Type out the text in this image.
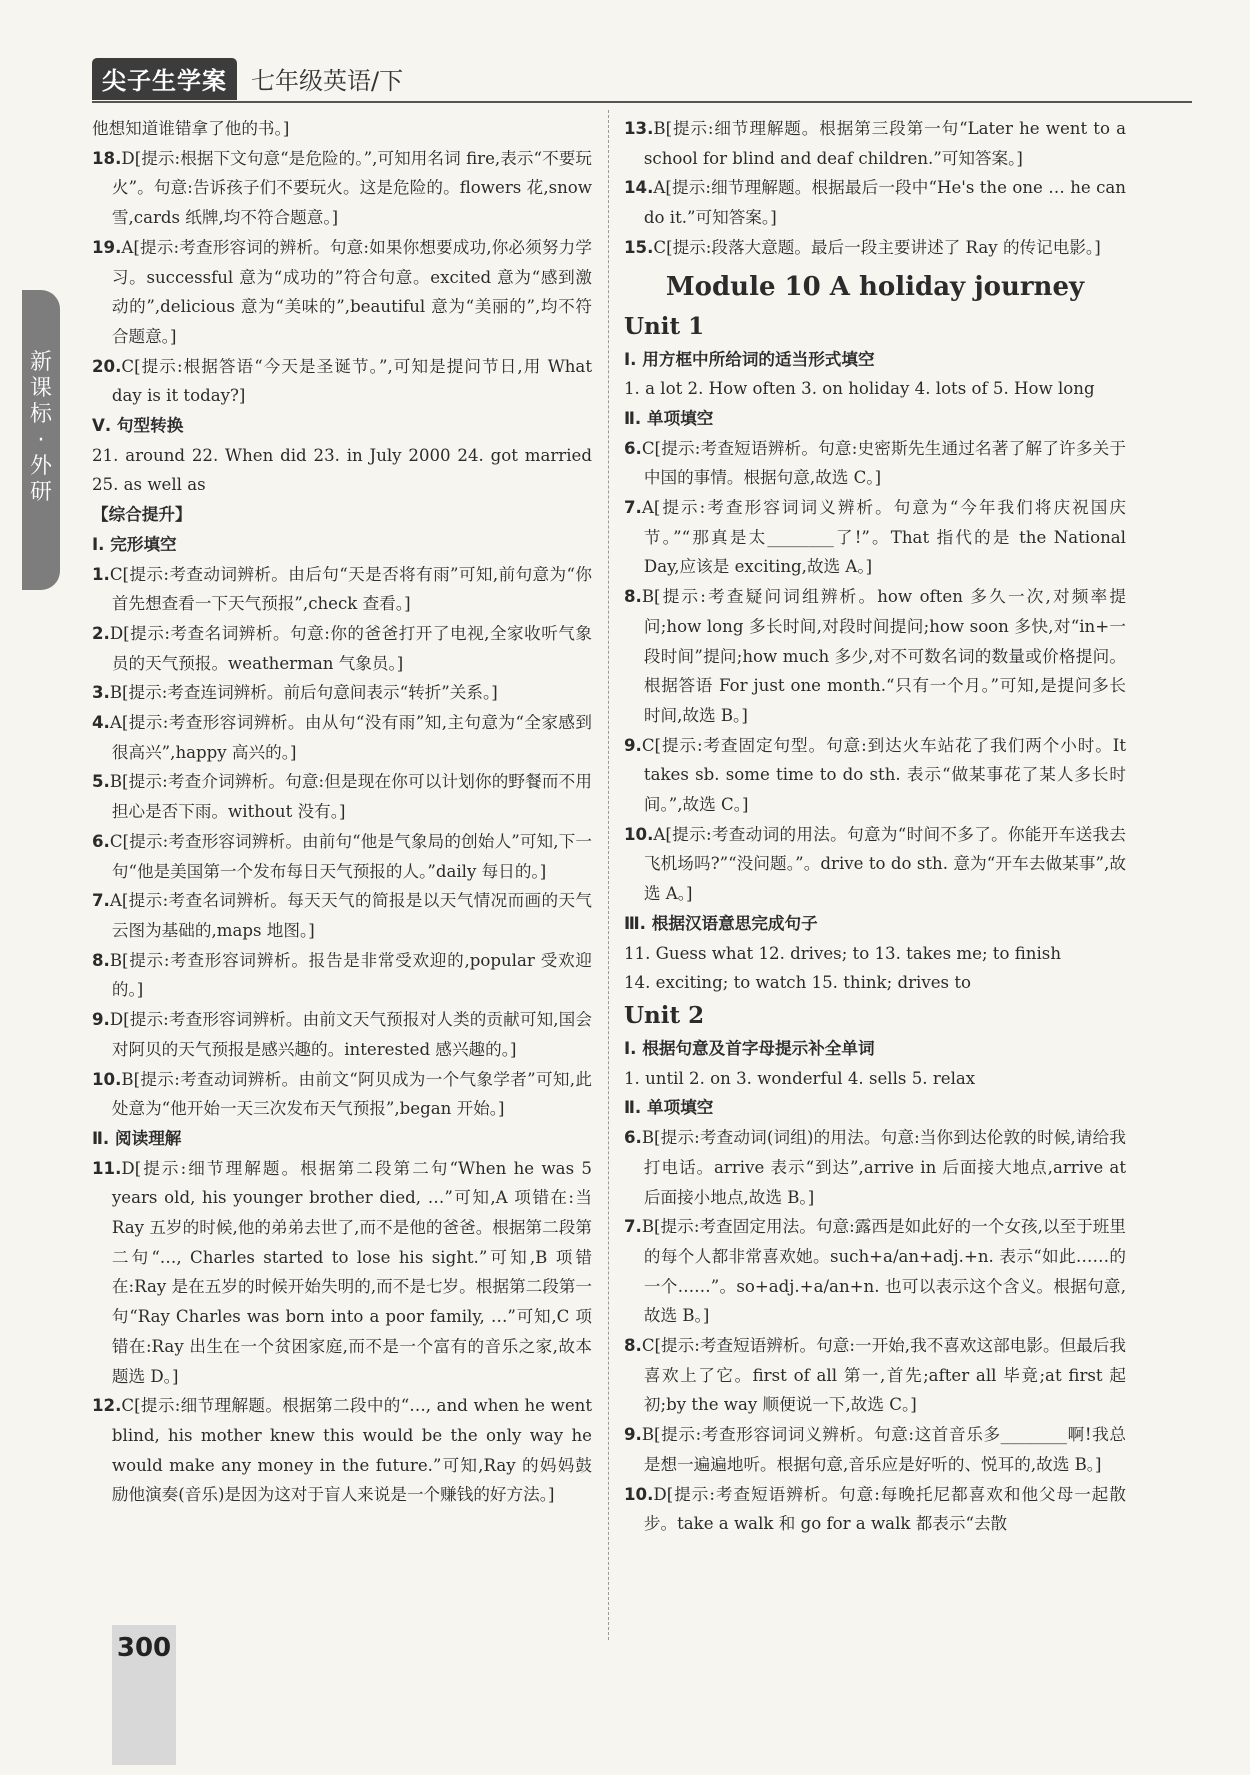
尖子生学案	七年级英语/下
新
课
标
·
外
研

他想知道谁错拿了他的书。]

18.D[提示:根据下文句意“是危险的。”,可知用名词 fire,表示“不要玩火”。句意:告诉孩子们不要玩火。这是危险的。flowers 花,snow 雪,cards 纸牌,均不符合题意。]

19.A[提示:考查形容词的辨析。句意:如果你想要成功,你必须努力学习。successful 意为“成功的”符合句意。excited 意为“感到激动的”,delicious 意为“美味的”,beautiful 意为“美丽的”,均不符合题意。]

20.C[提示:根据答语“今天是圣诞节。”,可知是提问节日,用 What day is it today?]

Ⅴ. 句型转换

21. around 22. When did 23. in July 2000 24. got married 25. as well as

【综合提升】

Ⅰ. 完形填空

1.C[提示:考查动词辨析。由后句“天是否将有雨”可知,前句意为“你首先想查看一下天气预报”,check 查看。]

2.D[提示:考查名词辨析。句意:你的爸爸打开了电视,全家收听气象员的天气预报。weatherman 气象员。]

3.B[提示:考查连词辨析。前后句意间表示“转折”关系。]

4.A[提示:考查形容词辨析。由从句“没有雨”知,主句意为“全家感到很高兴”,happy 高兴的。]

5.B[提示:考查介词辨析。句意:但是现在你可以计划你的野餐而不用担心是否下雨。without 没有。]

6.C[提示:考查形容词辨析。由前句“他是气象局的创始人”可知,下一句“他是美国第一个发布每日天气预报的人。”daily 每日的。]

7.A[提示:考查名词辨析。每天天气的简报是以天气情况而画的天气云图为基础的,maps 地图。]

8.B[提示:考查形容词辨析。报告是非常受欢迎的,popular 受欢迎的。]

9.D[提示:考查形容词辨析。由前文天气预报对人类的贡献可知,国会对阿贝的天气预报是感兴趣的。interested 感兴趣的。]

10.B[提示:考查动词辨析。由前文“阿贝成为一个气象学者”可知,此处意为“他开始一天三次发布天气预报”,began 开始。]

Ⅱ. 阅读理解

11.D[提示:细节理解题。根据第二段第二句“When he was 5 years old, his younger brother died, …”可知,A 项错在:当 Ray 五岁的时候,他的弟弟去世了,而不是他的爸爸。根据第二段第二句“…, Charles started to lose his sight.”可知,B 项错在:Ray 是在五岁的时候开始失明的,而不是七岁。根据第二段第一句“Ray Charles was born into a poor family, …”可知,C 项错在:Ray 出生在一个贫困家庭,而不是一个富有的音乐之家,故本题选 D。]

12.C[提示:细节理解题。根据第二段中的“…, and when he went blind, his mother knew this would be the only way he would make any money in the future.”可知,Ray 的妈妈鼓励他演奏(音乐)是因为这对于盲人来说是一个赚钱的好方法。]

13.B[提示:细节理解题。根据第三段第一句“Later he went to a school for blind and deaf children.”可知答案。]

14.A[提示:细节理解题。根据最后一段中“He's the one … he can do it.”可知答案。]

15.C[提示:段落大意题。最后一段主要讲述了 Ray 的传记电影。]

Module 10 A holiday journey
Unit 1

Ⅰ. 用方框中所给词的适当形式填空

1. a lot 2. How often 3. on holiday 4. lots of 5. How long

Ⅱ. 单项填空

6.C[提示:考查短语辨析。句意:史密斯先生通过名著了解了许多关于中国的事情。根据句意,故选 C。]

7.A[提示:考查形容词词义辨析。句意为“今年我们将庆祝国庆节。”“那真是太________了!”。That 指代的是 the National Day,应该是 exciting,故选 A。]

8.B[提示:考查疑问词组辨析。how often 多久一次,对频率提问;how long 多长时间,对段时间提问;how soon 多快,对“in+一段时间”提问;how much 多少,对不可数名词的数量或价格提问。根据答语 For just one month.“只有一个月。”可知,是提问多长时间,故选 B。]

9.C[提示:考查固定句型。句意:到达火车站花了我们两个小时。It takes sb. some time to do sth. 表示“做某事花了某人多长时间。”,故选 C。]

10.A[提示:考查动词的用法。句意为“时间不多了。你能开车送我去飞机场吗?”“没问题。”。drive to do sth. 意为“开车去做某事”,故选 A。]

Ⅲ. 根据汉语意思完成句子

11. Guess what 12. drives; to 13. takes me; to finish

14. exciting; to watch 15. think; drives to

Unit 2

Ⅰ. 根据句意及首字母提示补全单词

1. until 2. on 3. wonderful 4. sells 5. relax

Ⅱ. 单项填空

6.B[提示:考查动词(词组)的用法。句意:当你到达伦敦的时候,请给我打电话。arrive 表示“到达”,arrive in 后面接大地点,arrive at 后面接小地点,故选 B。]

7.B[提示:考查固定用法。句意:露西是如此好的一个女孩,以至于班里的每个人都非常喜欢她。such+a/an+adj.+n. 表示“如此……的一个……”。so+adj.+a/an+n. 也可以表示这个含义。根据句意,故选 B。]

8.C[提示:考查短语辨析。句意:一开始,我不喜欢这部电影。但最后我喜欢上了它。first of all 第一,首先;after all 毕竟;at first 起初;by the way 顺便说一下,故选 C。]

9.B[提示:考查形容词词义辨析。句意:这首音乐多________啊!我总是想一遍遍地听。根据句意,音乐应是好听的、悦耳的,故选 B。]

10.D[提示:考查短语辨析。句意:每晚托尼都喜欢和他父母一起散步。take a walk 和 go for a walk 都表示“去散

300
